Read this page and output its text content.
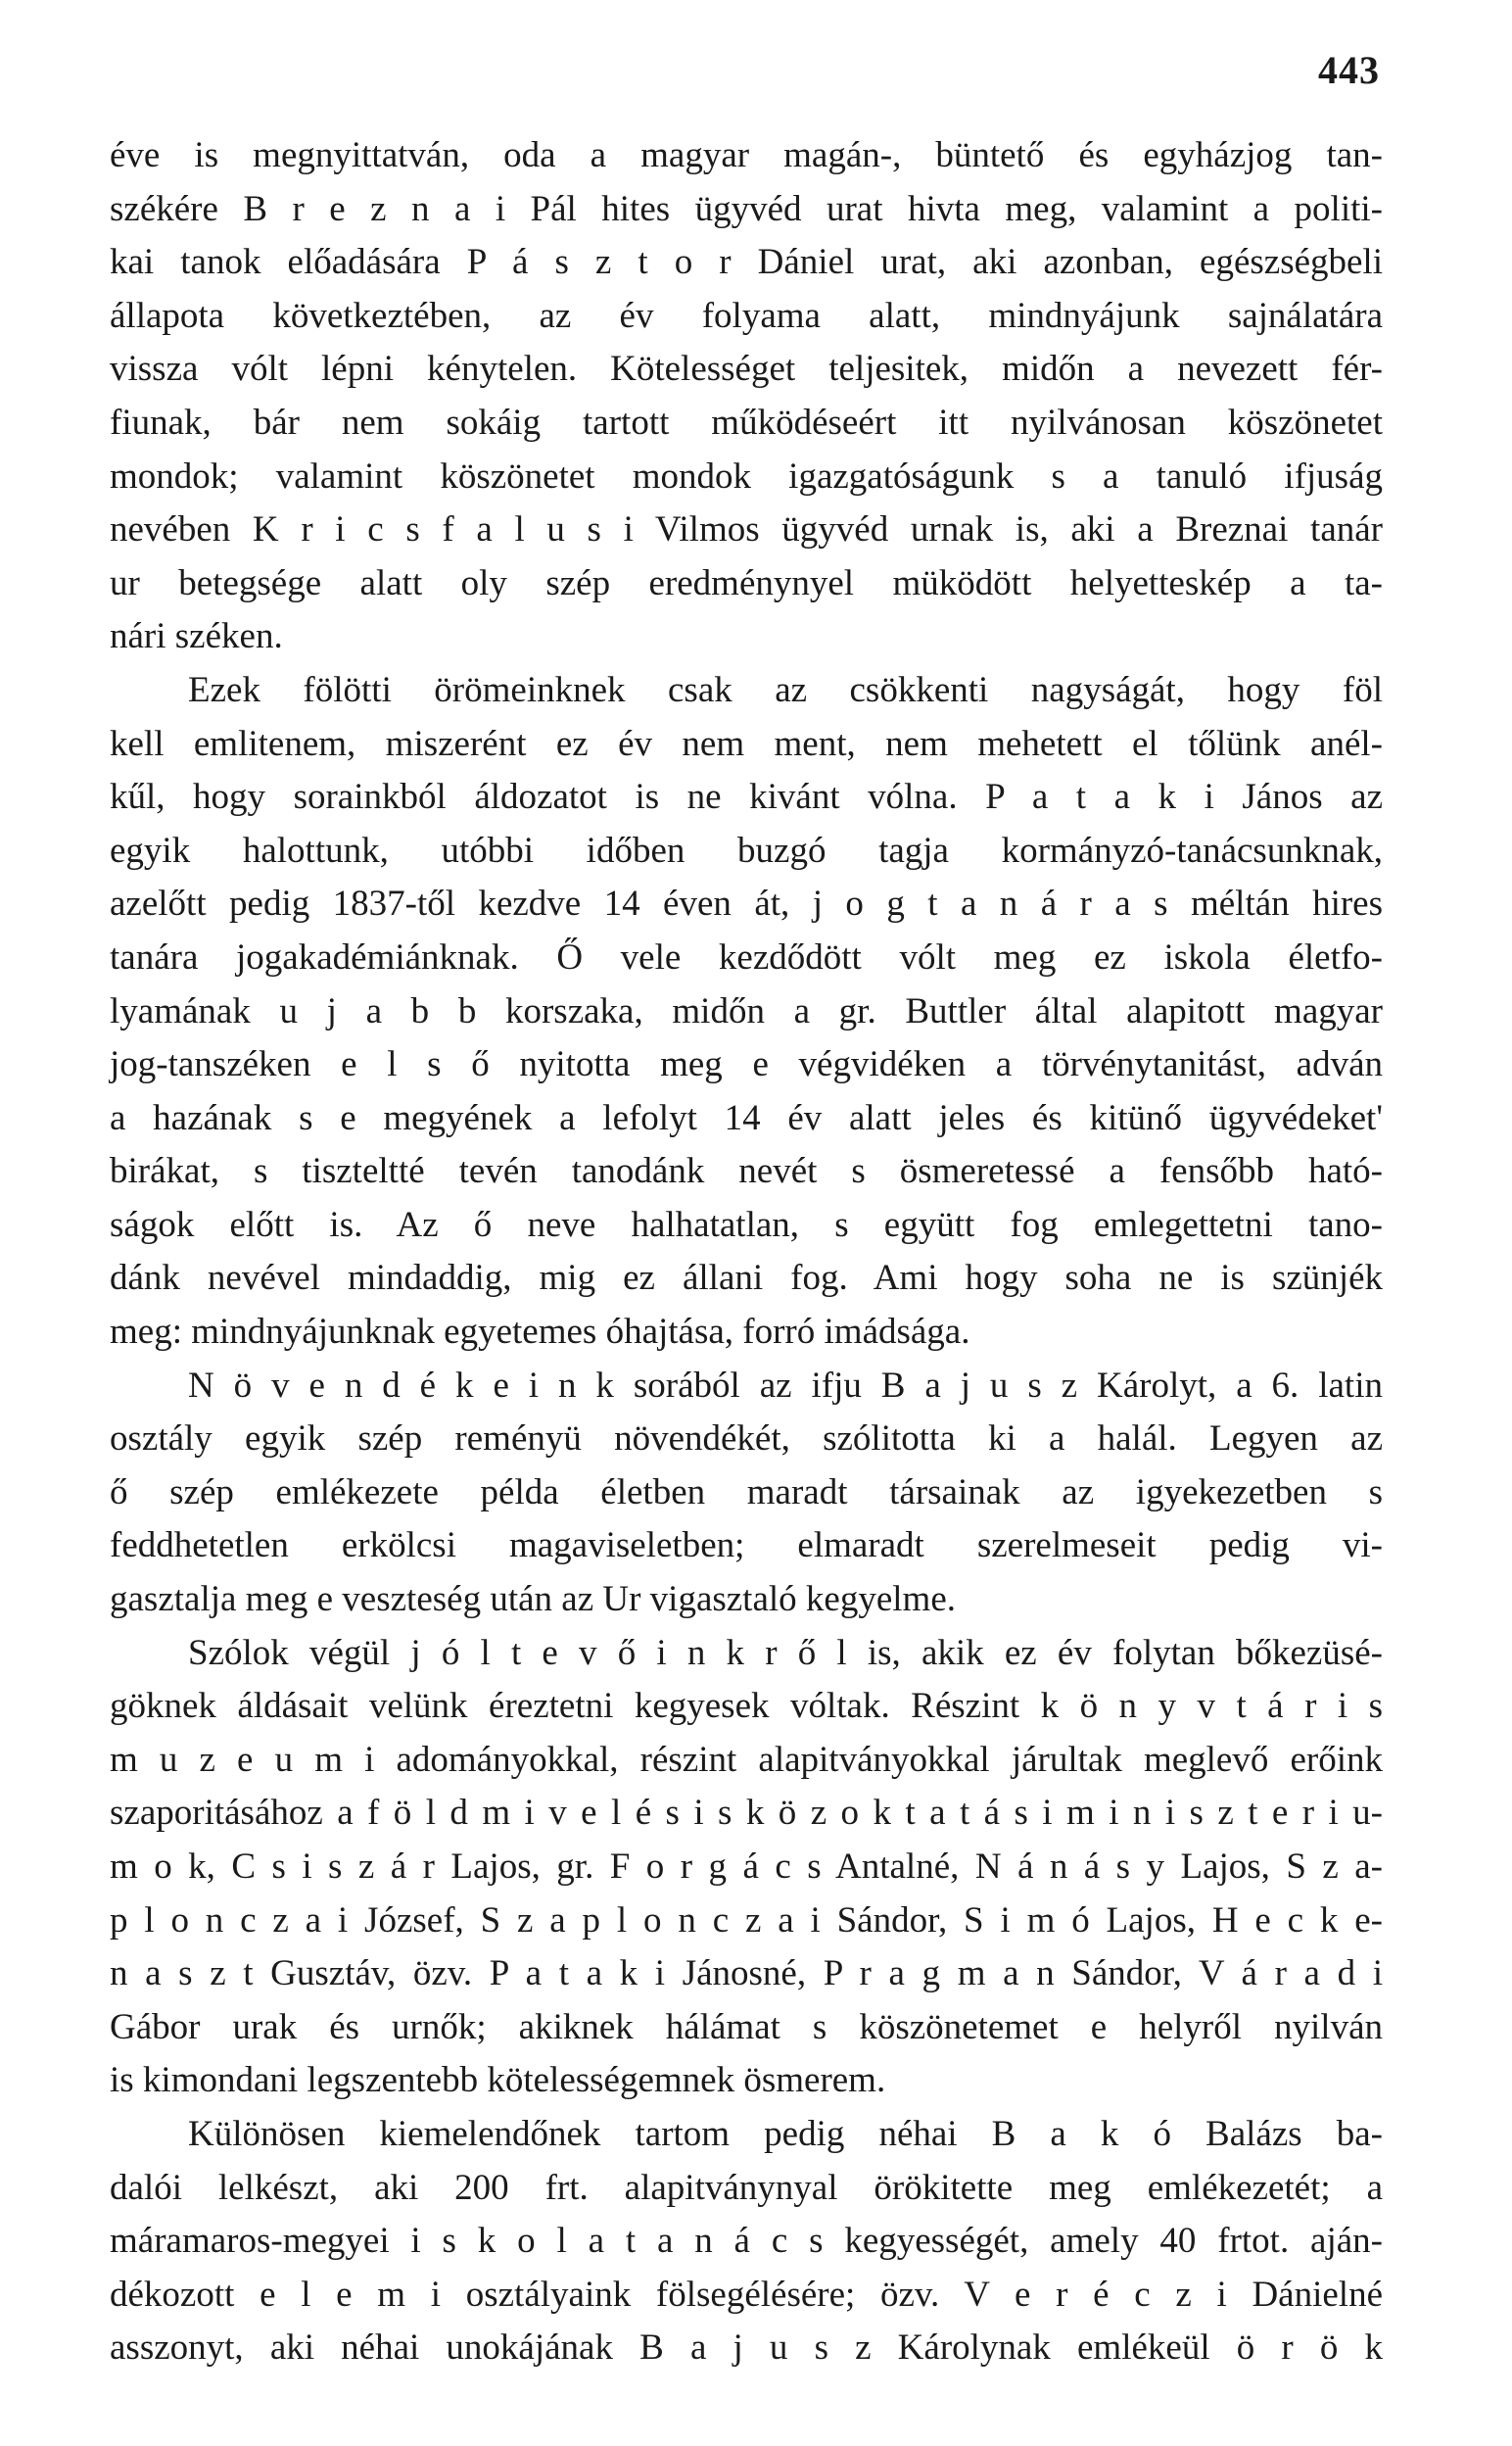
443
éve is megnyittatván, oda a magyar magán-, büntető és egyházjog tan-
székére B r e z n a i Pál hites ügyvéd urat hivta meg, valamint a politi-
kai tanok előadására P á s z t o r Dániel urat, aki azonban, egészségbeli
állapota következtében, az év folyama alatt, mindnyájunk sajnálatára
vissza vólt lépni kénytelen. Kötelességet teljesitek, midőn a nevezett fér-
fiunak, bár nem sokáig tartott működéseért itt nyilvánosan köszönetet
mondok; valamint köszönetet mondok igazgatóságunk s a tanuló ifjuság
nevében K r i c s f a l u s i Vilmos ügyvéd urnak is, aki a Breznai tanár
ur betegsége alatt oly szép eredménynyel müködött helyetteskép a ta-
nári széken.
Ezek fölötti örömeinknek csak az csökkenti nagyságát, hogy föl
kell emlitenem, miszerént ez év nem ment, nem mehetett el tőlünk anél-
kűl, hogy sorainkból áldozatot is ne kivánt vólna. P a t a k i János az
egyik halottunk, utóbbi időben buzgó tagja kormányzó-tanácsunknak,
azelőtt pedig 1837-től kezdve 14 éven át, j o g t a n á r a s méltán hires
tanára jogakadémiánknak. Ő vele kezdődött vólt meg ez iskola életfo-
lyamának u j a b b korszaka, midőn a gr. Buttler által alapitott magyar
jog-tanszéken e l s ő nyitotta meg e végvidéken a törvénytanitást, adván
a hazának s e megyének a lefolyt 14 év alatt jeles és kitünő ügyvédeket'
birákat, s tiszteltté tevén tanodánk nevét s ösmeretessé a fensőbb ható-
ságok előtt is. Az ő neve halhatatlan, s együtt fog emlegettetni tano-
dánk nevével mindaddig, mig ez állani fog. Ami hogy soha ne is szünjék
meg: mindnyájunknak egyetemes óhajtása, forró imádsága.
N ö v e n d é k e i n k sorából az ifju B a j u s z Károlyt, a 6. latin
osztály egyik szép reményü növendékét, szólitotta ki a halál. Legyen az
ő szép emlékezete példa életben maradt társainak az igyekezetben s
feddhetetlen erkölcsi magaviseletben; elmaradt szerelmeseit pedig vi-
gasztalja meg e veszteség után az Ur vigasztaló kegyelme.
Szólok végül j ó l t e v ő i n k r ő l is, akik ez év folytan bőkezüsé-
göknek áldásait velünk éreztetni kegyesek vóltak. Részint k ö n y v t á r i s
m u z e u m i adományokkal, részint alapitványokkal járultak meglevő erőink
szaporitásához a f ö l d m i v e l é s i s k ö z o k t a t á s i m i n i s z t e r i u-
m o k, C s i s z á r Lajos, gr. F o r g á c s Antalné, N á n á s y Lajos, S z a-
p l o n c z a i József, S z a p l o n c z a i Sándor, S i m ó Lajos, H e c k e-
n a s z t Gusztáv, özv. P a t a k i Jánosné, P r a g m a n Sándor, V á r a d i
Gábor urak és urnők; akiknek hálámat s köszönetemet e helyről nyilván
is kimondani legszentebb kötelességemnek ösmerem.
Különösen kiemelendőnek tartom pedig néhai B a k ó Balázs ba-
dalói lelkészt, aki 200 frt. alapitványnyal örökitette meg emlékezetét; a
máramaros-megyei i s k o l a t a n á c s kegyességét, amely 40 frtot. aján-
dékozott e l e m i osztályaink fölsegélésére; özv. V e r é c z i Dánielné
asszonyt, aki néhai unokájának B a j u s z Károlynak emlékeül ö r ö k
